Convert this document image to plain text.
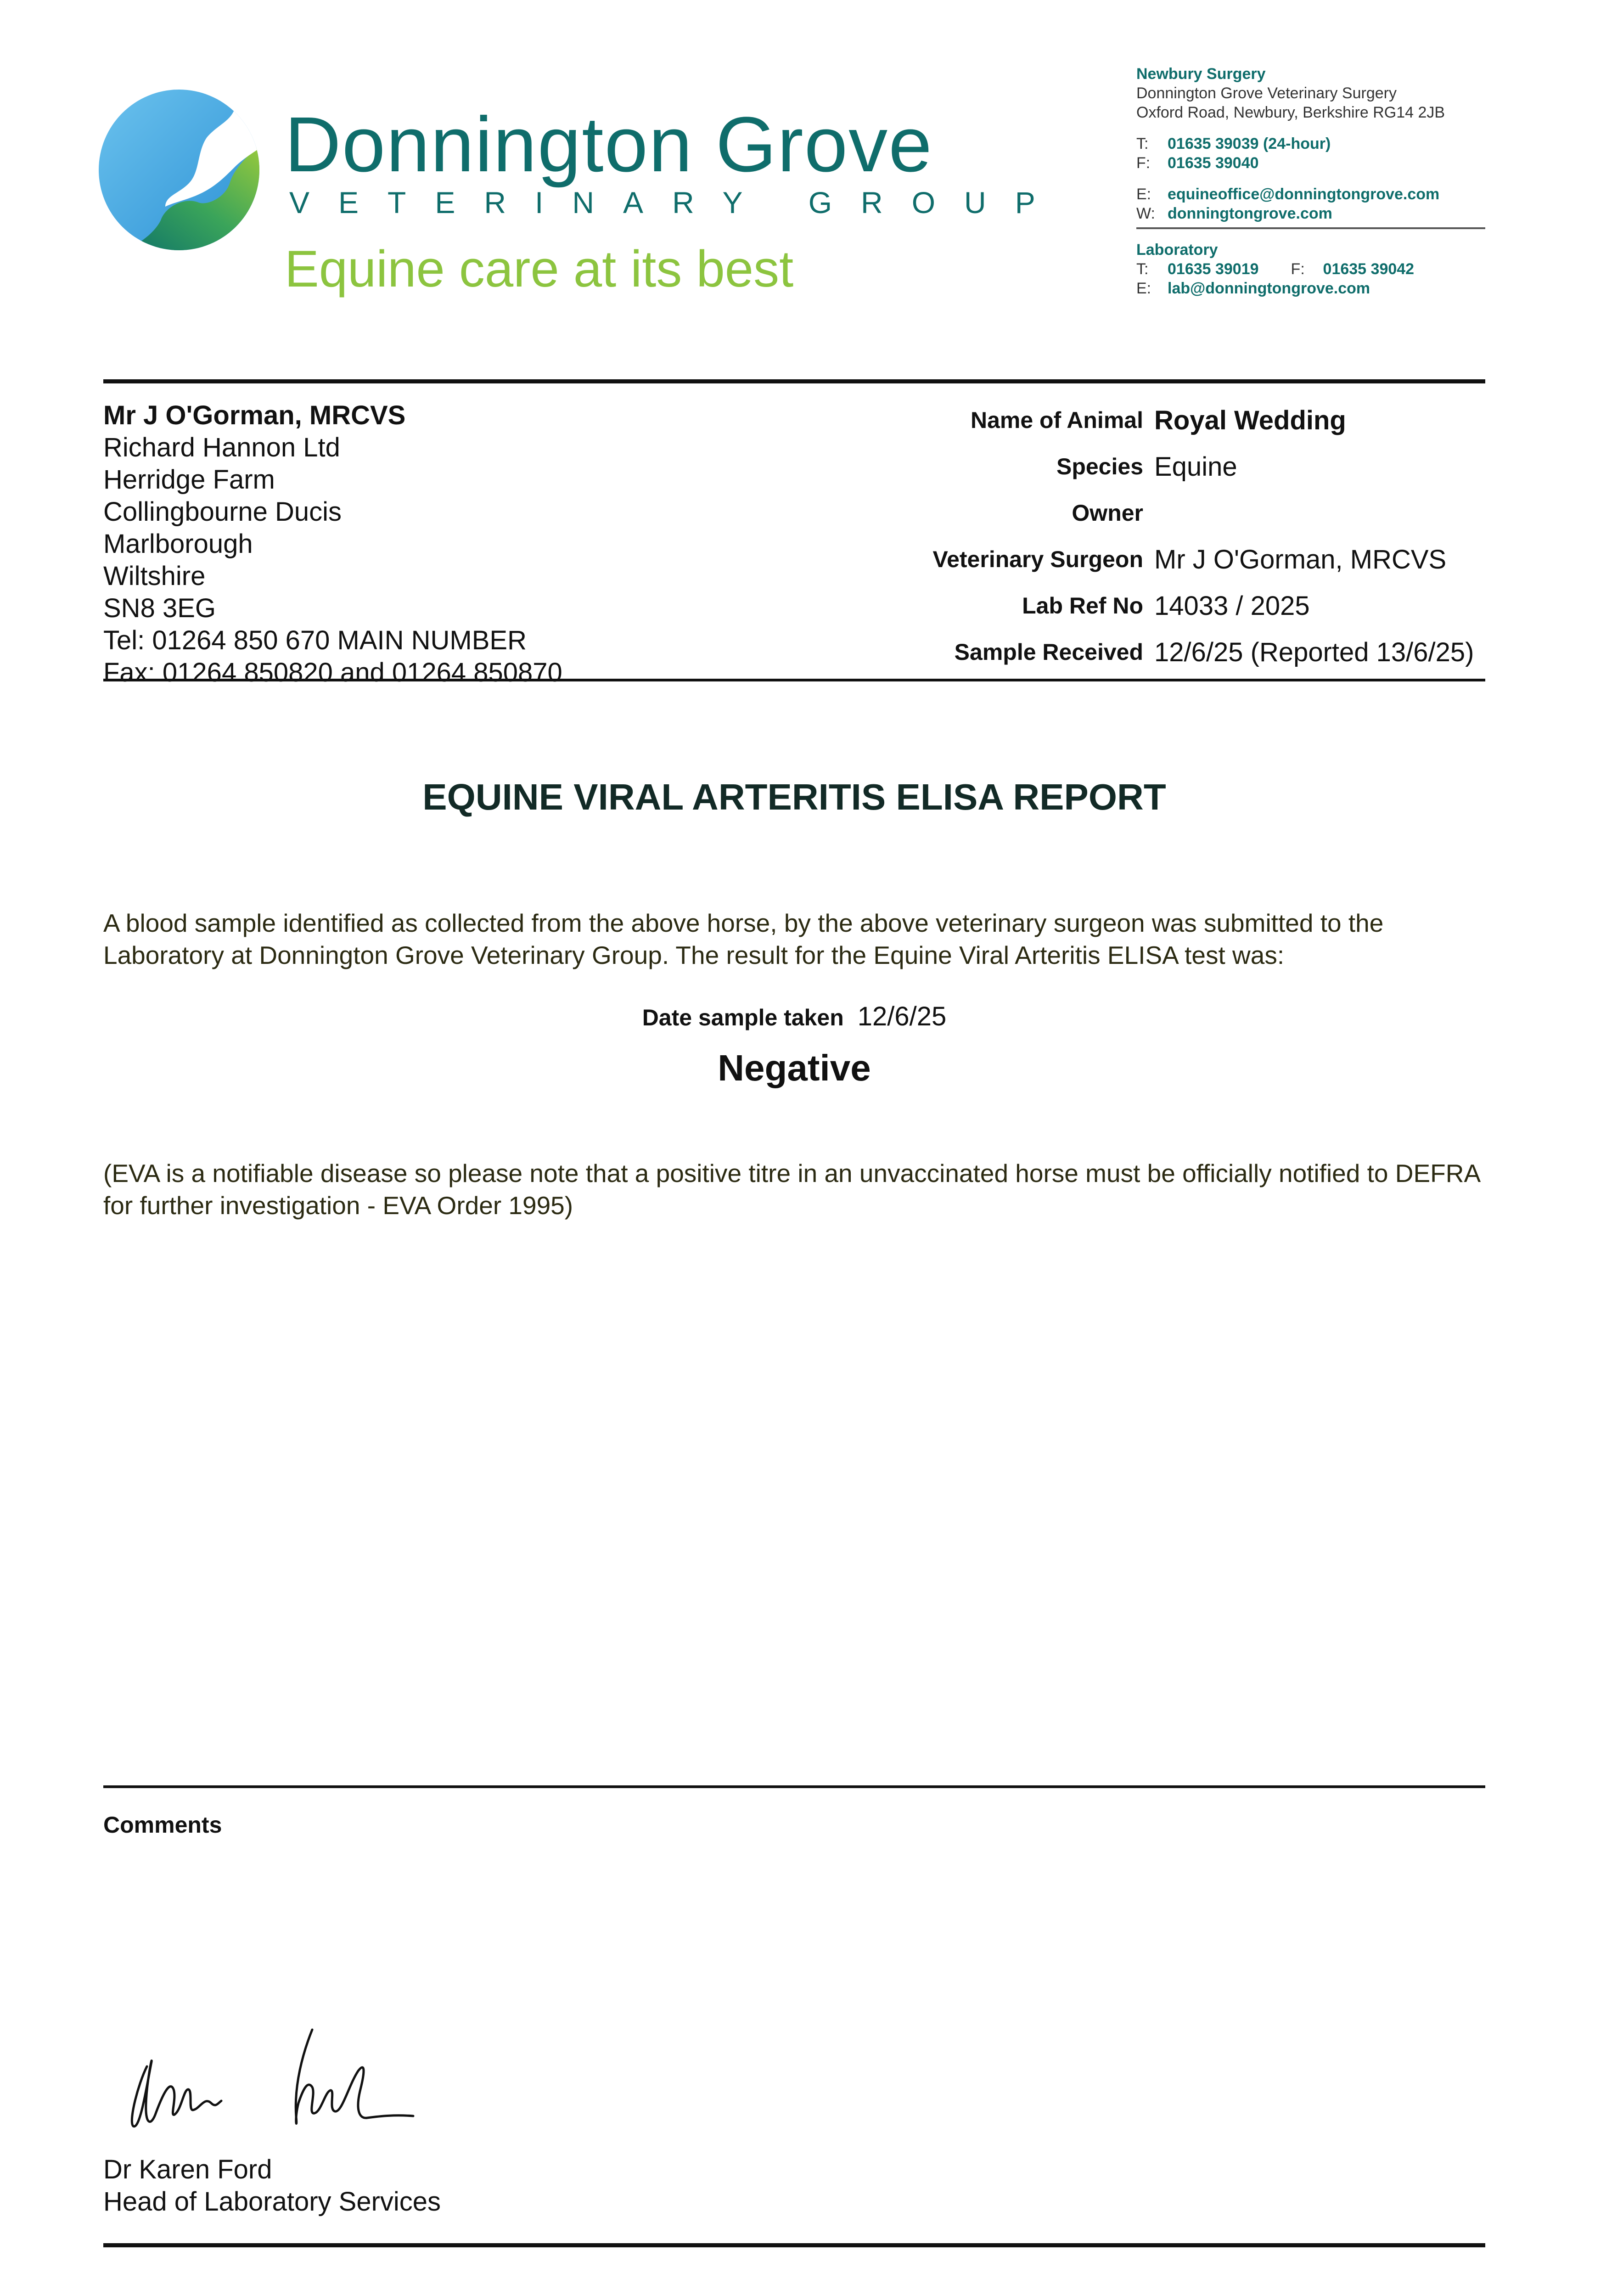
Donnington Grove
VETERINARY GROUP
Equine care at its best
Newbury Surgery
Donnington Grove Veterinary Surgery
Oxford Road, Newbury, Berkshire RG14 2JB
T: 01635 39039 (24-hour)
F: 01635 39040
E: equineoffice@donningtongrove.com
W: donningtongrove.com
Laboratory
T: 01635 39019 F: 01635 39042
E: lab@donningtongrove.com
Mr J O'Gorman, MRCVS
Richard Hannon Ltd
Herridge Farm
Collingbourne Ducis
Marlborough
Wiltshire
SN8 3EG
Tel: 01264 850 670 MAIN NUMBER
Fax: 01264 850820 and 01264 850870
Name of Animal Royal Wedding
Species Equine
Owner
Veterinary Surgeon Mr J O'Gorman, MRCVS
Lab Ref No 14033 / 2025
Sample Received 12/6/25 (Reported 13/6/25)
EQUINE VIRAL ARTERITIS ELISA REPORT
A blood sample identified as collected from the above horse, by the above veterinary surgeon was submitted to the Laboratory at Donnington Grove Veterinary Group. The result for the Equine Viral Arteritis ELISA test was:
Date sample taken 12/6/25
Negative
(EVA is a notifiable disease so please note that a positive titre in an unvaccinated horse must be officially notified to DEFRA for further investigation - EVA Order 1995)
Comments
Dr Karen Ford
Head of Laboratory Services
